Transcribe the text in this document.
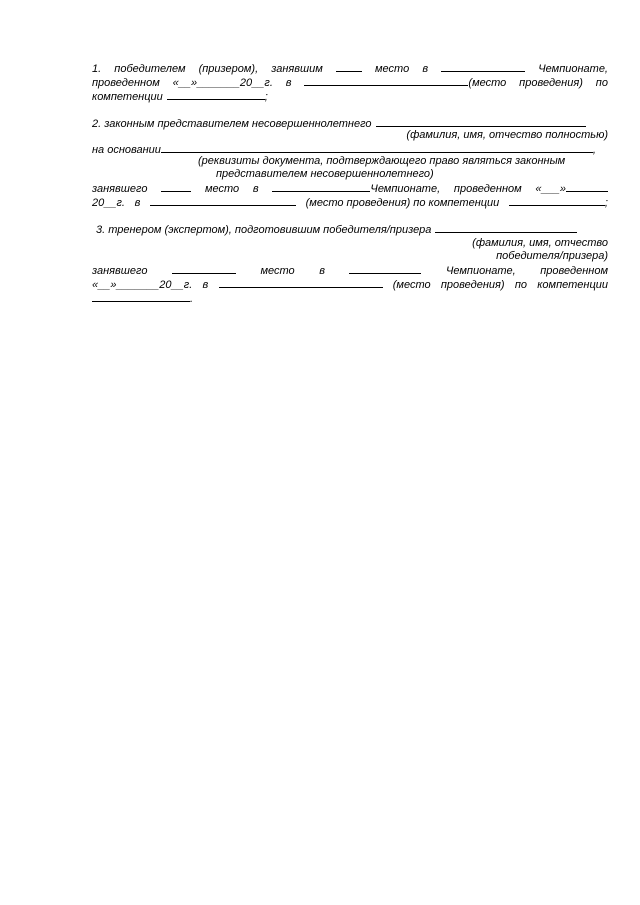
1. победителем (призером), занявшим	место в	Чемпионате,
проведенном «__»_______20__г. в	(место проведения) по
компетенции	;
2. законным представителем несовершеннолетнего
(фамилия, имя, отчество полностью)
на основании	,
(реквизиты документа, подтверждающего право являться законным
представителем несовершеннолетнего)
занявшего	место в	Чемпионате, проведенном «___»
20__г. в	(место проведения) по компетенции	;
3. тренером (экспертом), подготовившим победителя/призера
(фамилия, имя, отчество
победителя/призера)
занявшего	место в	Чемпионате, проведенном
«__»_______20__г. в	(место проведения) по компетенции
.
